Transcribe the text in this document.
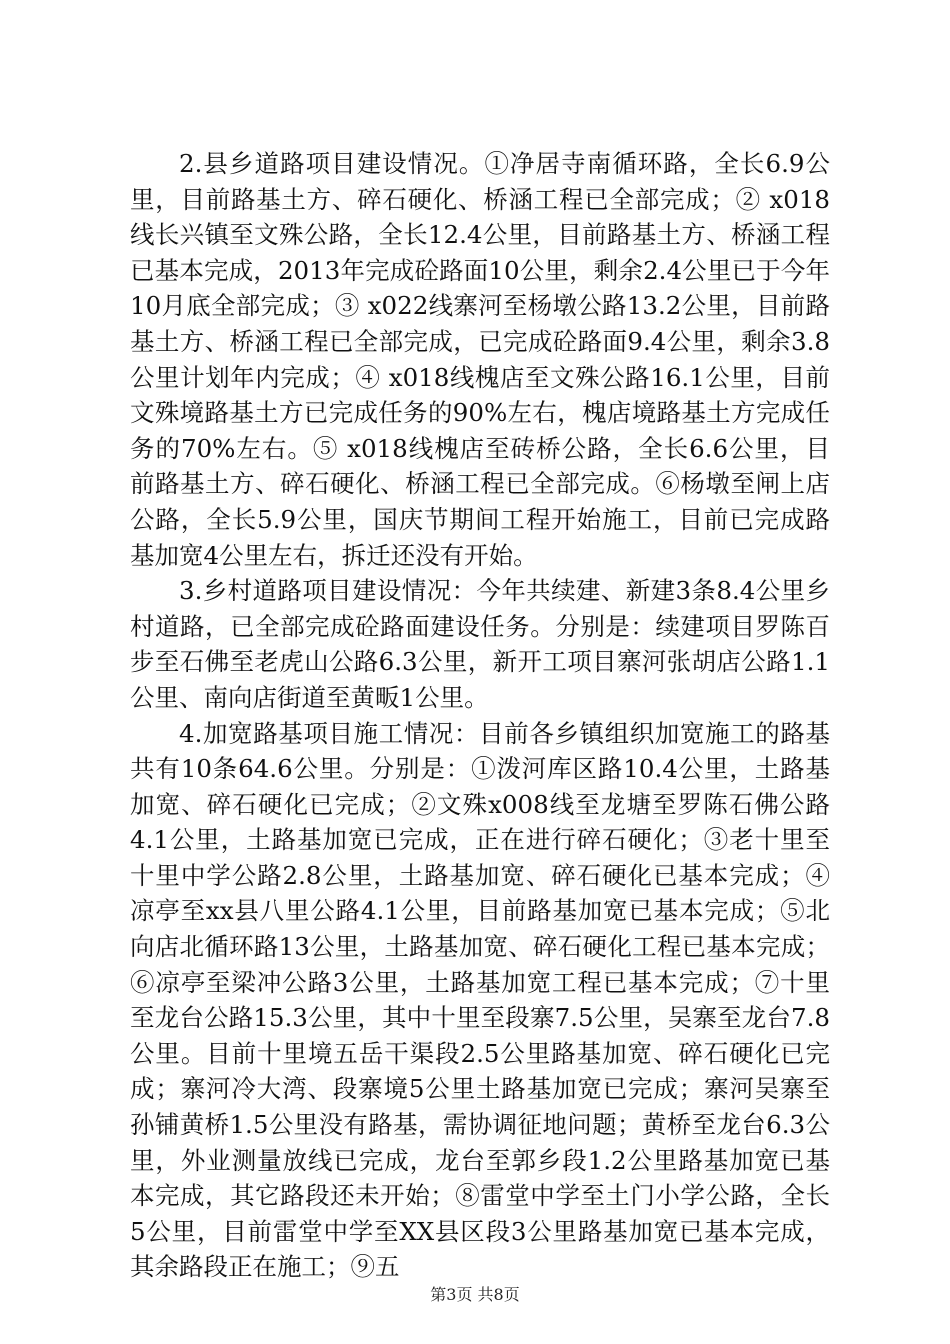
2.县乡道路项目建设情况。①净居寺南循环路，全长6.9公里，目前路基土方、碎石硬化、桥涵工程已全部完成；② x018线长兴镇至文殊公路，全长12.4公里，目前路基土方、桥涵工程已基本完成，2013年完成砼路面10公里，剩余2.4公里已于今年10月底全部完成；③ x022线寨河至杨墩公路13.2公里，目前路基土方、桥涵工程已全部完成，已完成砼路面9.4公里，剩余3.8公里计划年内完成；④ x018线槐店至文殊公路16.1公里，目前文殊境路基土方已完成任务的90%左右，槐店境路基土方完成任务的70%左右。⑤ x018线槐店至砖桥公路，全长6.6公里，目前路基土方、碎石硬化、桥涵工程已全部完成。⑥杨墩至闸上店公路，全长5.9公里，国庆节期间工程开始施工，目前已完成路基加宽4公里左右，拆迁还没有开始。

3.乡村道路项目建设情况：今年共续建、新建3条8.4公里乡村道路，已全部完成砼路面建设任务。分别是：续建项目罗陈百步至石佛至老虎山公路6.3公里，新开工项目寨河张胡店公路1.1公里、南向店街道至黄畈1公里。

4.加宽路基项目施工情况：目前各乡镇组织加宽施工的路基共有10条64.6公里。分别是：①泼河库区路10.4公里，土路基加宽、碎石硬化已完成；②文殊x008线至龙塘至罗陈石佛公路4.1公里，土路基加宽已完成，正在进行碎石硬化；③老十里至十里中学公路2.8公里，土路基加宽、碎石硬化已基本完成；④凉亭至xx县八里公路4.1公里，目前路基加宽已基本完成；⑤北向店北循环路13公里，土路基加宽、碎石硬化工程已基本完成；⑥凉亭至梁冲公路3公里，土路基加宽工程已基本完成；⑦十里至龙台公路15.3公里，其中十里至段寨7.5公里，吴寨至龙台7.8公里。目前十里境五岳干渠段2.5公里路基加宽、碎石硬化已完成；寨河冷大湾、段寨境5公里土路基加宽已完成；寨河吴寨至孙铺黄桥1.5公里没有路基，需协调征地问题；黄桥至龙台6.3公里，外业测量放线已完成，龙台至郭乡段1.2公里路基加宽已基本完成，其它路段还未开始；⑧雷堂中学至土门小学公路，全长5公里，目前雷堂中学至XX县区段3公里路基加宽已基本完成，其余路段正在施工；⑨五

第3页 共8页
